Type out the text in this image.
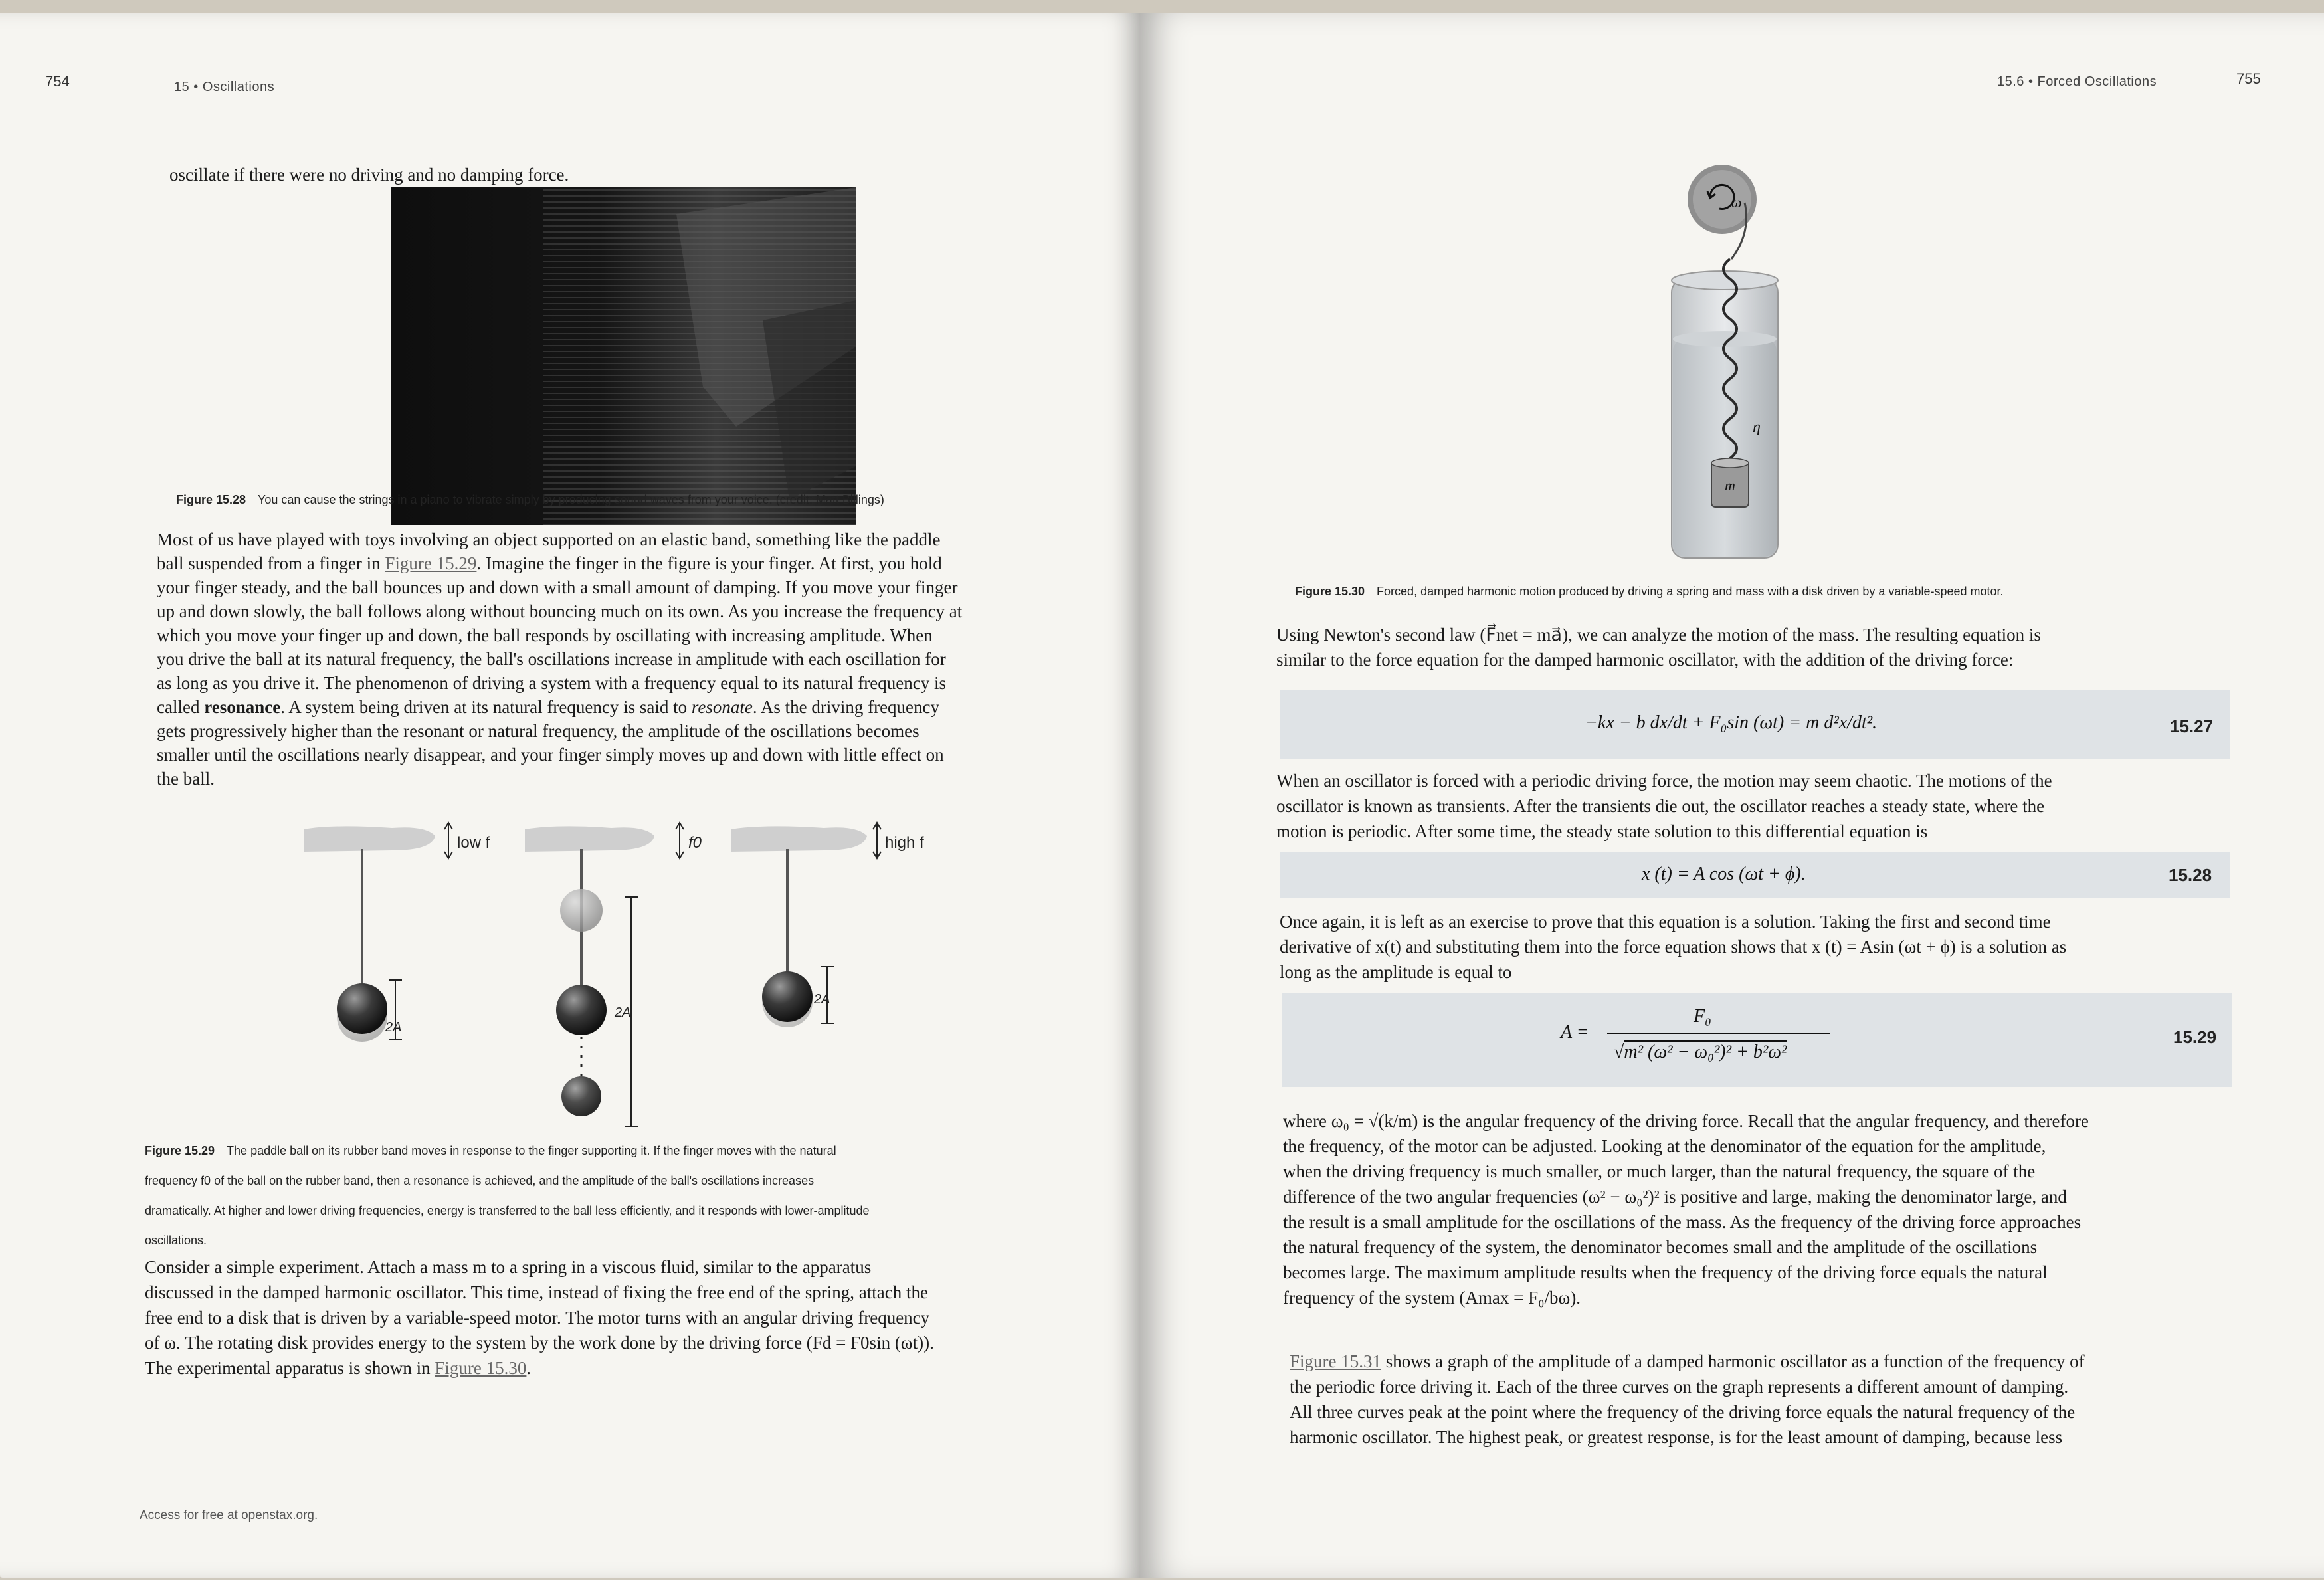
754	15 • Oscillations
oscillate if there were no driving and no damping force.
Figure 15.28 You can cause the strings in a piano to vibrate simply by producing sound waves from your voice. (credit: Matt Billings)
Most of us have played with toys involving an object supported on an elastic band, something like the paddle
ball suspended from a finger in Figure 15.29. Imagine the finger in the figure is your finger. At first, you hold
your finger steady, and the ball bounces up and down with a small amount of damping. If you move your finger
up and down slowly, the ball follows along without bouncing much on its own. As you increase the frequency at
which you move your finger up and down, the ball responds by oscillating with increasing amplitude. When
you drive the ball at its natural frequency, the ball's oscillations increase in amplitude with each oscillation for
as long as you drive it. The phenomenon of driving a system with a frequency equal to its natural frequency is
called resonance. A system being driven at its natural frequency is said to resonate. As the driving frequency
gets progressively higher than the resonant or natural frequency, the amplitude of the oscillations becomes
smaller until the oscillations nearly disappear, and your finger simply moves up and down with little effect on
the ball.
low f	f0	high f
2A
2A
2A
Figure 15.29 The paddle ball on its rubber band moves in response to the finger supporting it. If the finger moves with the natural
frequency f0 of the ball on the rubber band, then a resonance is achieved, and the amplitude of the ball's oscillations increases
dramatically. At higher and lower driving frequencies, energy is transferred to the ball less efficiently, and it responds with lower-amplitude
oscillations.
Consider a simple experiment. Attach a mass m to a spring in a viscous fluid, similar to the apparatus
discussed in the damped harmonic oscillator. This time, instead of fixing the free end of the spring, attach the
free end to a disk that is driven by a variable-speed motor. The motor turns with an angular driving frequency
of ω. The rotating disk provides energy to the system by the work done by the driving force (Fd = F0sin (ωt)).
The experimental apparatus is shown in Figure 15.30.
Access for free at openstax.org.
15.6 • Forced Oscillations	755
ω
m
η
Figure 15.30 Forced, damped harmonic motion produced by driving a spring and mass with a disk driven by a variable-speed motor.
Using Newton's second law (F⃗net = ma⃗), we can analyze the motion of the mass. The resulting equation is
similar to the force equation for the damped harmonic oscillator, with the addition of the driving force:
−kx − b dx/dt + F₀sin (ωt) = m d²x/dt².	15.27
When an oscillator is forced with a periodic driving force, the motion may seem chaotic. The motions of the
oscillator is known as transients. After the transients die out, the oscillator reaches a steady state, where the
motion is periodic. After some time, the steady state solution to this differential equation is
x (t) = A cos (ωt + ϕ).	15.28
Once again, it is left as an exercise to prove that this equation is a solution. Taking the first and second time
derivative of x(t) and substituting them into the force equation shows that x (t) = Asin (ωt + ϕ) is a solution as
long as the amplitude is equal to
A =
F₀
√m² (ω² − ω₀²)² + b²ω²
15.29
where ω₀ = √(k/m) is the angular frequency of the driving force. Recall that the angular frequency, and therefore
the frequency, of the motor can be adjusted. Looking at the denominator of the equation for the amplitude,
when the driving frequency is much smaller, or much larger, than the natural frequency, the square of the
difference of the two angular frequencies (ω² − ω₀²)² is positive and large, making the denominator large, and
the result is a small amplitude for the oscillations of the mass. As the frequency of the driving force approaches
the natural frequency of the system, the denominator becomes small and the amplitude of the oscillations
becomes large. The maximum amplitude results when the frequency of the driving force equals the natural
frequency of the system (Amax = F₀/bω).
Figure 15.31 shows a graph of the amplitude of a damped harmonic oscillator as a function of the frequency of
the periodic force driving it. Each of the three curves on the graph represents a different amount of damping.
All three curves peak at the point where the frequency of the driving force equals the natural frequency of the
harmonic oscillator. The highest peak, or greatest response, is for the least amount of damping, because less
